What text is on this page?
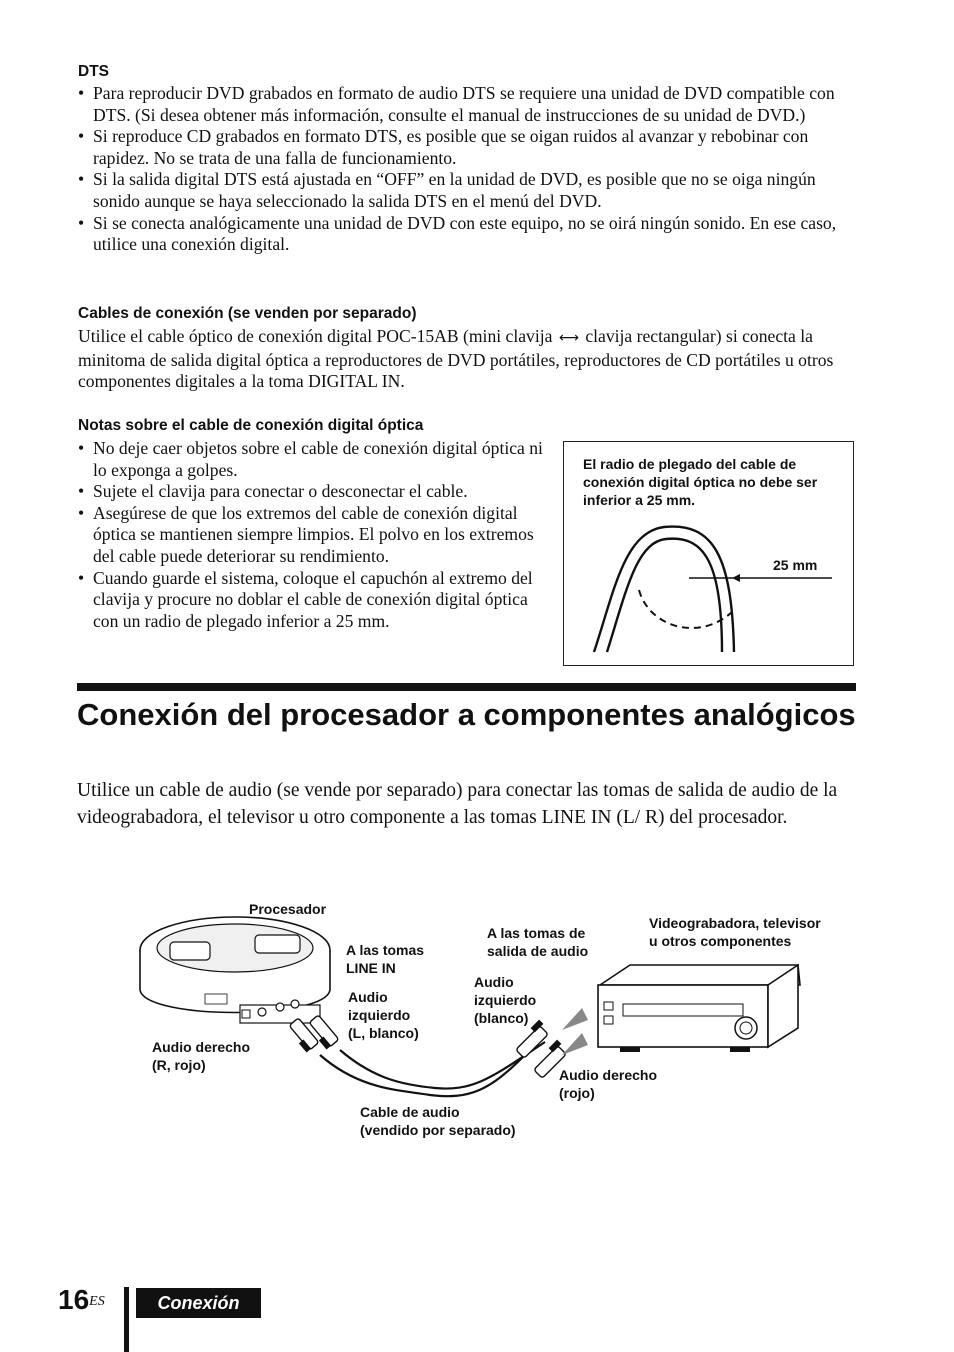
DTS
• Para reproducir DVD grabados en formato de audio DTS se requiere una unidad de DVD compatible con DTS. (Si desea obtener más información, consulte el manual de instrucciones de su unidad de DVD.)
• Si reproduce CD grabados en formato DTS, es posible que se oigan ruidos al avanzar y rebobinar con rapidez. No se trata de una falla de funcionamiento.
• Si la salida digital DTS está ajustada en “OFF” en la unidad de DVD, es posible que no se oiga ningún sonido aunque se haya seleccionado la salida DTS en el menú del DVD.
• Si se conecta analógicamente una unidad de DVD con este equipo, no se oirá ningún sonido. En ese caso, utilice una conexión digital.
Cables de conexión (se venden por separado)
Utilice el cable óptico de conexión digital POC-15AB (mini clavija ⟷ clavija rectangular) si conecta la minitoma de salida digital óptica a reproductores de DVD portátiles, reproductores de CD portátiles u otros componentes digitales a la toma DIGITAL IN.
Notas sobre el cable de conexión digital óptica
• No deje caer objetos sobre el cable de conexión digital óptica ni lo exponga a golpes.
• Sujete el clavija para conectar o desconectar el cable.
• Asegúrese de que los extremos del cable de conexión digital óptica se mantienen siempre limpios. El polvo en los extremos del cable puede deteriorar su rendimiento.
• Cuando guarde el sistema, coloque el capuchón al extremo del clavija y procure no doblar el cable de conexión digital óptica con un radio de plegado inferior a 25 mm.
El radio de plegado del cable de conexión digital óptica no debe ser inferior a 25 mm.
25 mm
Conexión del procesador a componentes analógicos
Utilice un cable de audio (se vende por separado) para conectar las tomas de salida de audio de la videograbadora, el televisor u otro componente a las tomas LINE IN (L/ R) del procesador.
Procesador
A las tomas
LINE IN
A las tomas de
salida de audio
Videograbadora, televisor
u otros componentes
Audio
izquierdo
(L, blanco)
Audio
izquierdo
(blanco)
Audio derecho
(R, rojo)
Audio derecho
(rojo)
Cable de audio
(vendido por separado)
$16^{ES}$	Conexión
